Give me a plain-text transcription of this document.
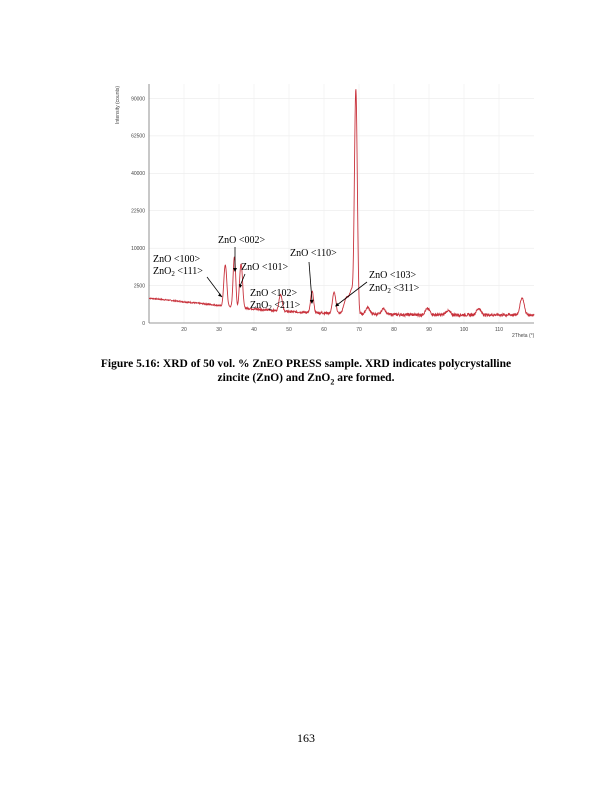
0
2500
10000
22500
40000
62500
90000
20	30	40	50	60	70	80	90	100	110
Intensity (counts)
2Theta (°)
ZnO <100>
ZnO$_2$ <111>
ZnO <002>
ZnO <101>
ZnO <102>
ZnO$_2$ <211>
ZnO <110>
ZnO <103>
ZnO$_2$ <311>
Figure 5.16: XRD of 50 vol. % ZnEO PRESS sample. XRD indicates polycrystalline
zincite (ZnO) and ZnO$_2$ are formed.
163
